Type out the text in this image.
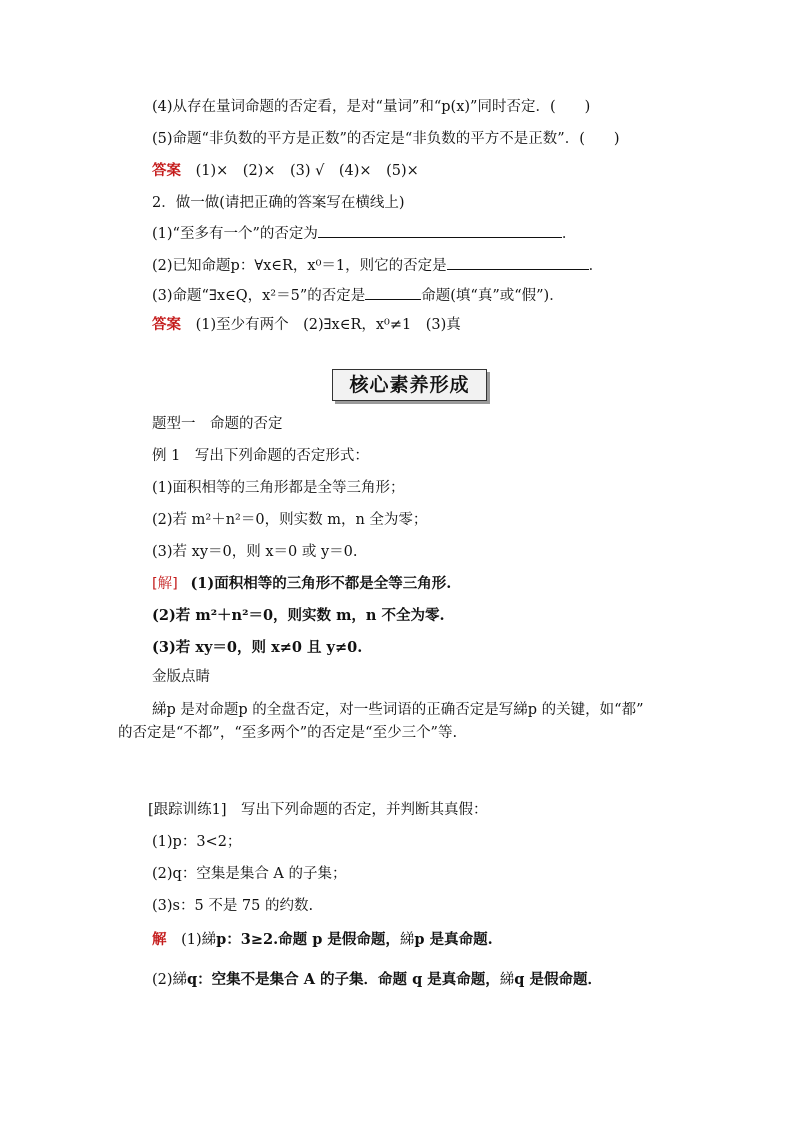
(4)从存在量词命题的否定看，是对“量词”和“p(x)”同时否定．(　　)
(5)命题“非负数的平方是正数”的否定是“非负数的平方不是正数”．(　　)
答案 (1)×　(2)×　(3) √　(4)×　(5)×
2．做一做(请把正确的答案写在横线上)
(1)“至多有一个”的否定为	．
(2)已知命题p：∀x∈R，x⁰＝1，则它的否定是	．
(3)命题“∃x∈Q，x²＝5”的否定是	命题(填“真”或“假”)．
答案 (1)至少有两个　(2)∃x∈R，x⁰≠1　(3)真
核心素养形成
题型一　命题的否定
例 1　写出下列命题的否定形式：
(1)面积相等的三角形都是全等三角形；
(2)若 m²＋n²＝0，则实数 m，n 全为零；
(3)若 xy＝0，则 x＝0 或 y＝0.
[解] (1)面积相等的三角形不都是全等三角形.
(2)若 m²＋n²＝0，则实数 m，n 不全为零.
(3)若 xy＝0，则 x≠0 且 y≠0.
金版点睛
綈p 是对命题p 的全盘否定，对一些词语的正确否定是写綈p 的关键，如“都”
的否定是“不都”，“至多两个”的否定是“至少三个”等.
[跟踪训练1]　写出下列命题的否定，并判断其真假：
(1)p：3<2；
(2)q：空集是集合 A 的子集；
(3)s：5 不是 75 的约数.
解 (1)綈p：3≥2.命题 p 是假命题，綈p 是真命题.
(2)綈q：空集不是集合 A 的子集．命题 q 是真命题，綈q 是假命题．
